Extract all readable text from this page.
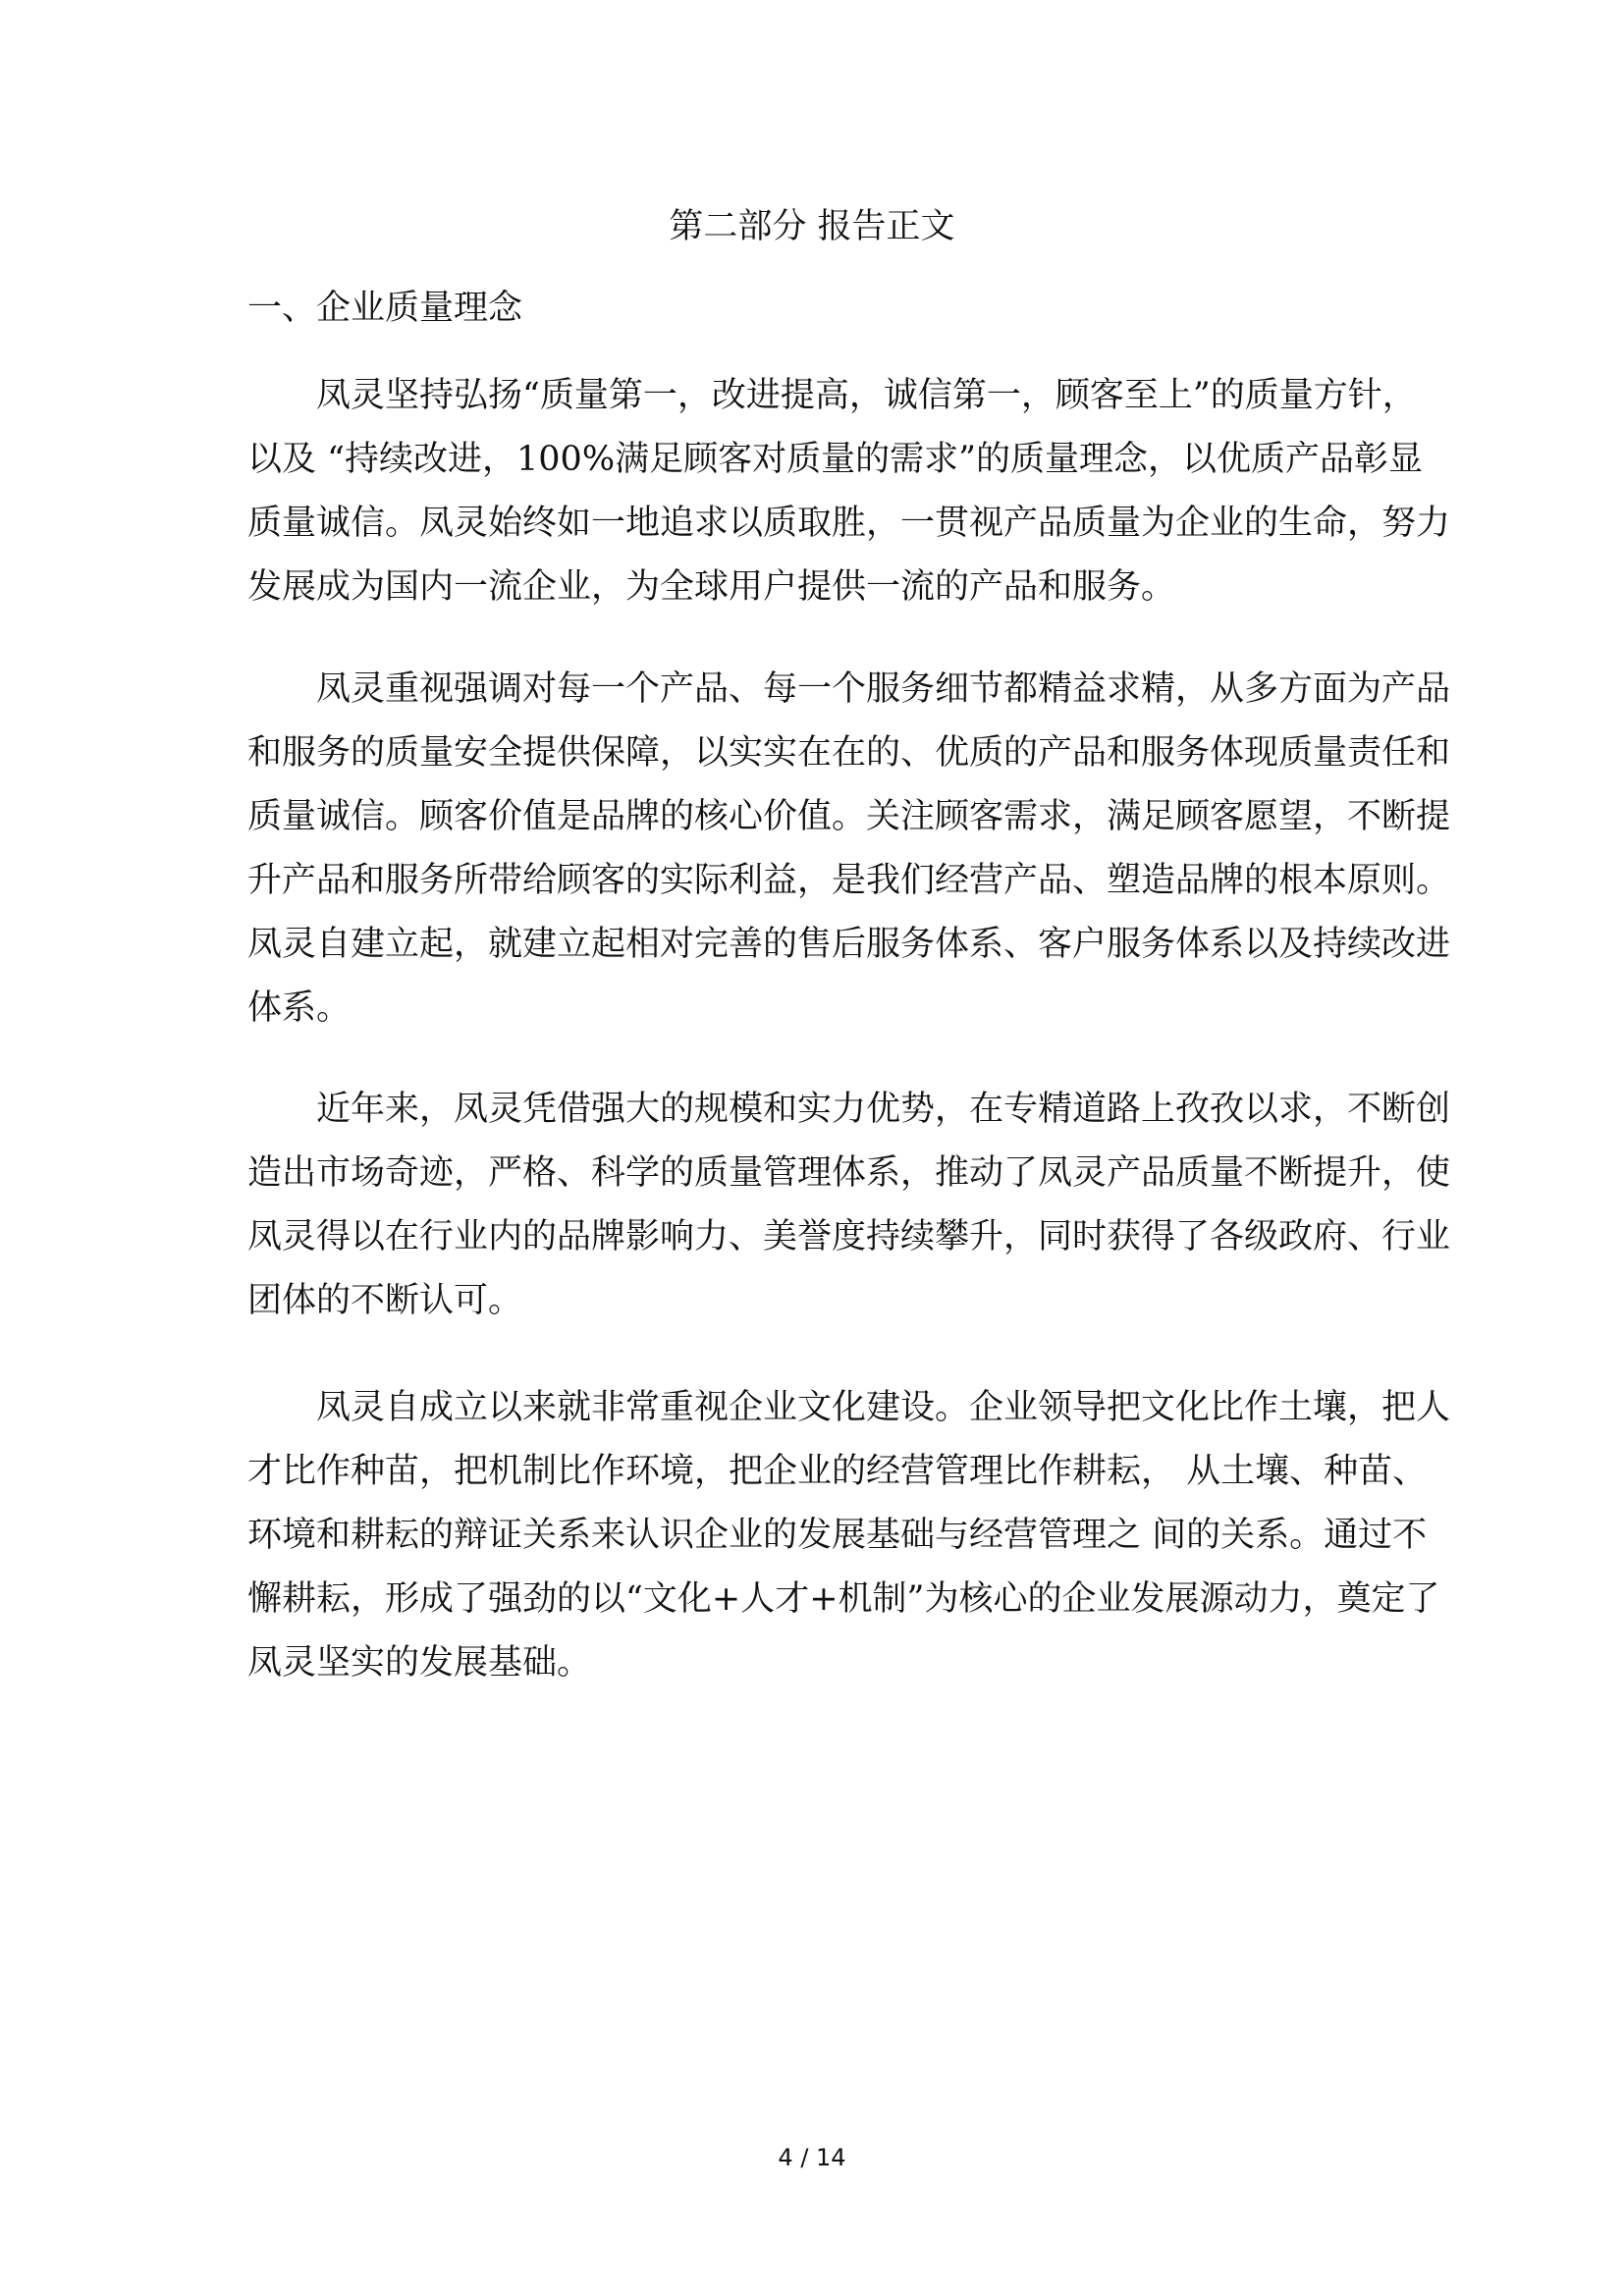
第二部分 报告正文
一、企业质量理念
凤灵坚持弘扬“质量第一，改进提高，诚信第一，顾客至上”的质量方针，
以及 “持续改进，100%满足顾客对质量的需求”的质量理念，以优质产品彰显
质量诚信。凤灵始终如一地追求以质取胜，一贯视产品质量为企业的生命，努力
发展成为国内一流企业，为全球用户提供一流的产品和服务。
凤灵重视强调对每一个产品、每一个服务细节都精益求精，从多方面为产品
和服务的质量安全提供保障，以实实在在的、优质的产品和服务体现质量责任和
质量诚信。顾客价值是品牌的核心价值。关注顾客需求，满足顾客愿望，不断提
升产品和服务所带给顾客的实际利益，是我们经营产品、塑造品牌的根本原则。
凤灵自建立起，就建立起相对完善的售后服务体系、客户服务体系以及持续改进
体系。
近年来，凤灵凭借强大的规模和实力优势，在专精道路上孜孜以求，不断创
造出市场奇迹，严格、科学的质量管理体系，推动了凤灵产品质量不断提升，使
凤灵得以在行业内的品牌影响力、美誉度持续攀升，同时获得了各级政府、行业
团体的不断认可。
凤灵自成立以来就非常重视企业文化建设。企业领导把文化比作土壤，把人
才比作种苗，把机制比作环境，把企业的经营管理比作耕耘， 从土壤、种苗、
环境和耕耘的辩证关系来认识企业的发展基础与经营管理之 间的关系。通过不
懈耕耘，形成了强劲的以“文化+人才+机制”为核心的企业发展源动力，奠定了
凤灵坚实的发展基础。
4 / 14
